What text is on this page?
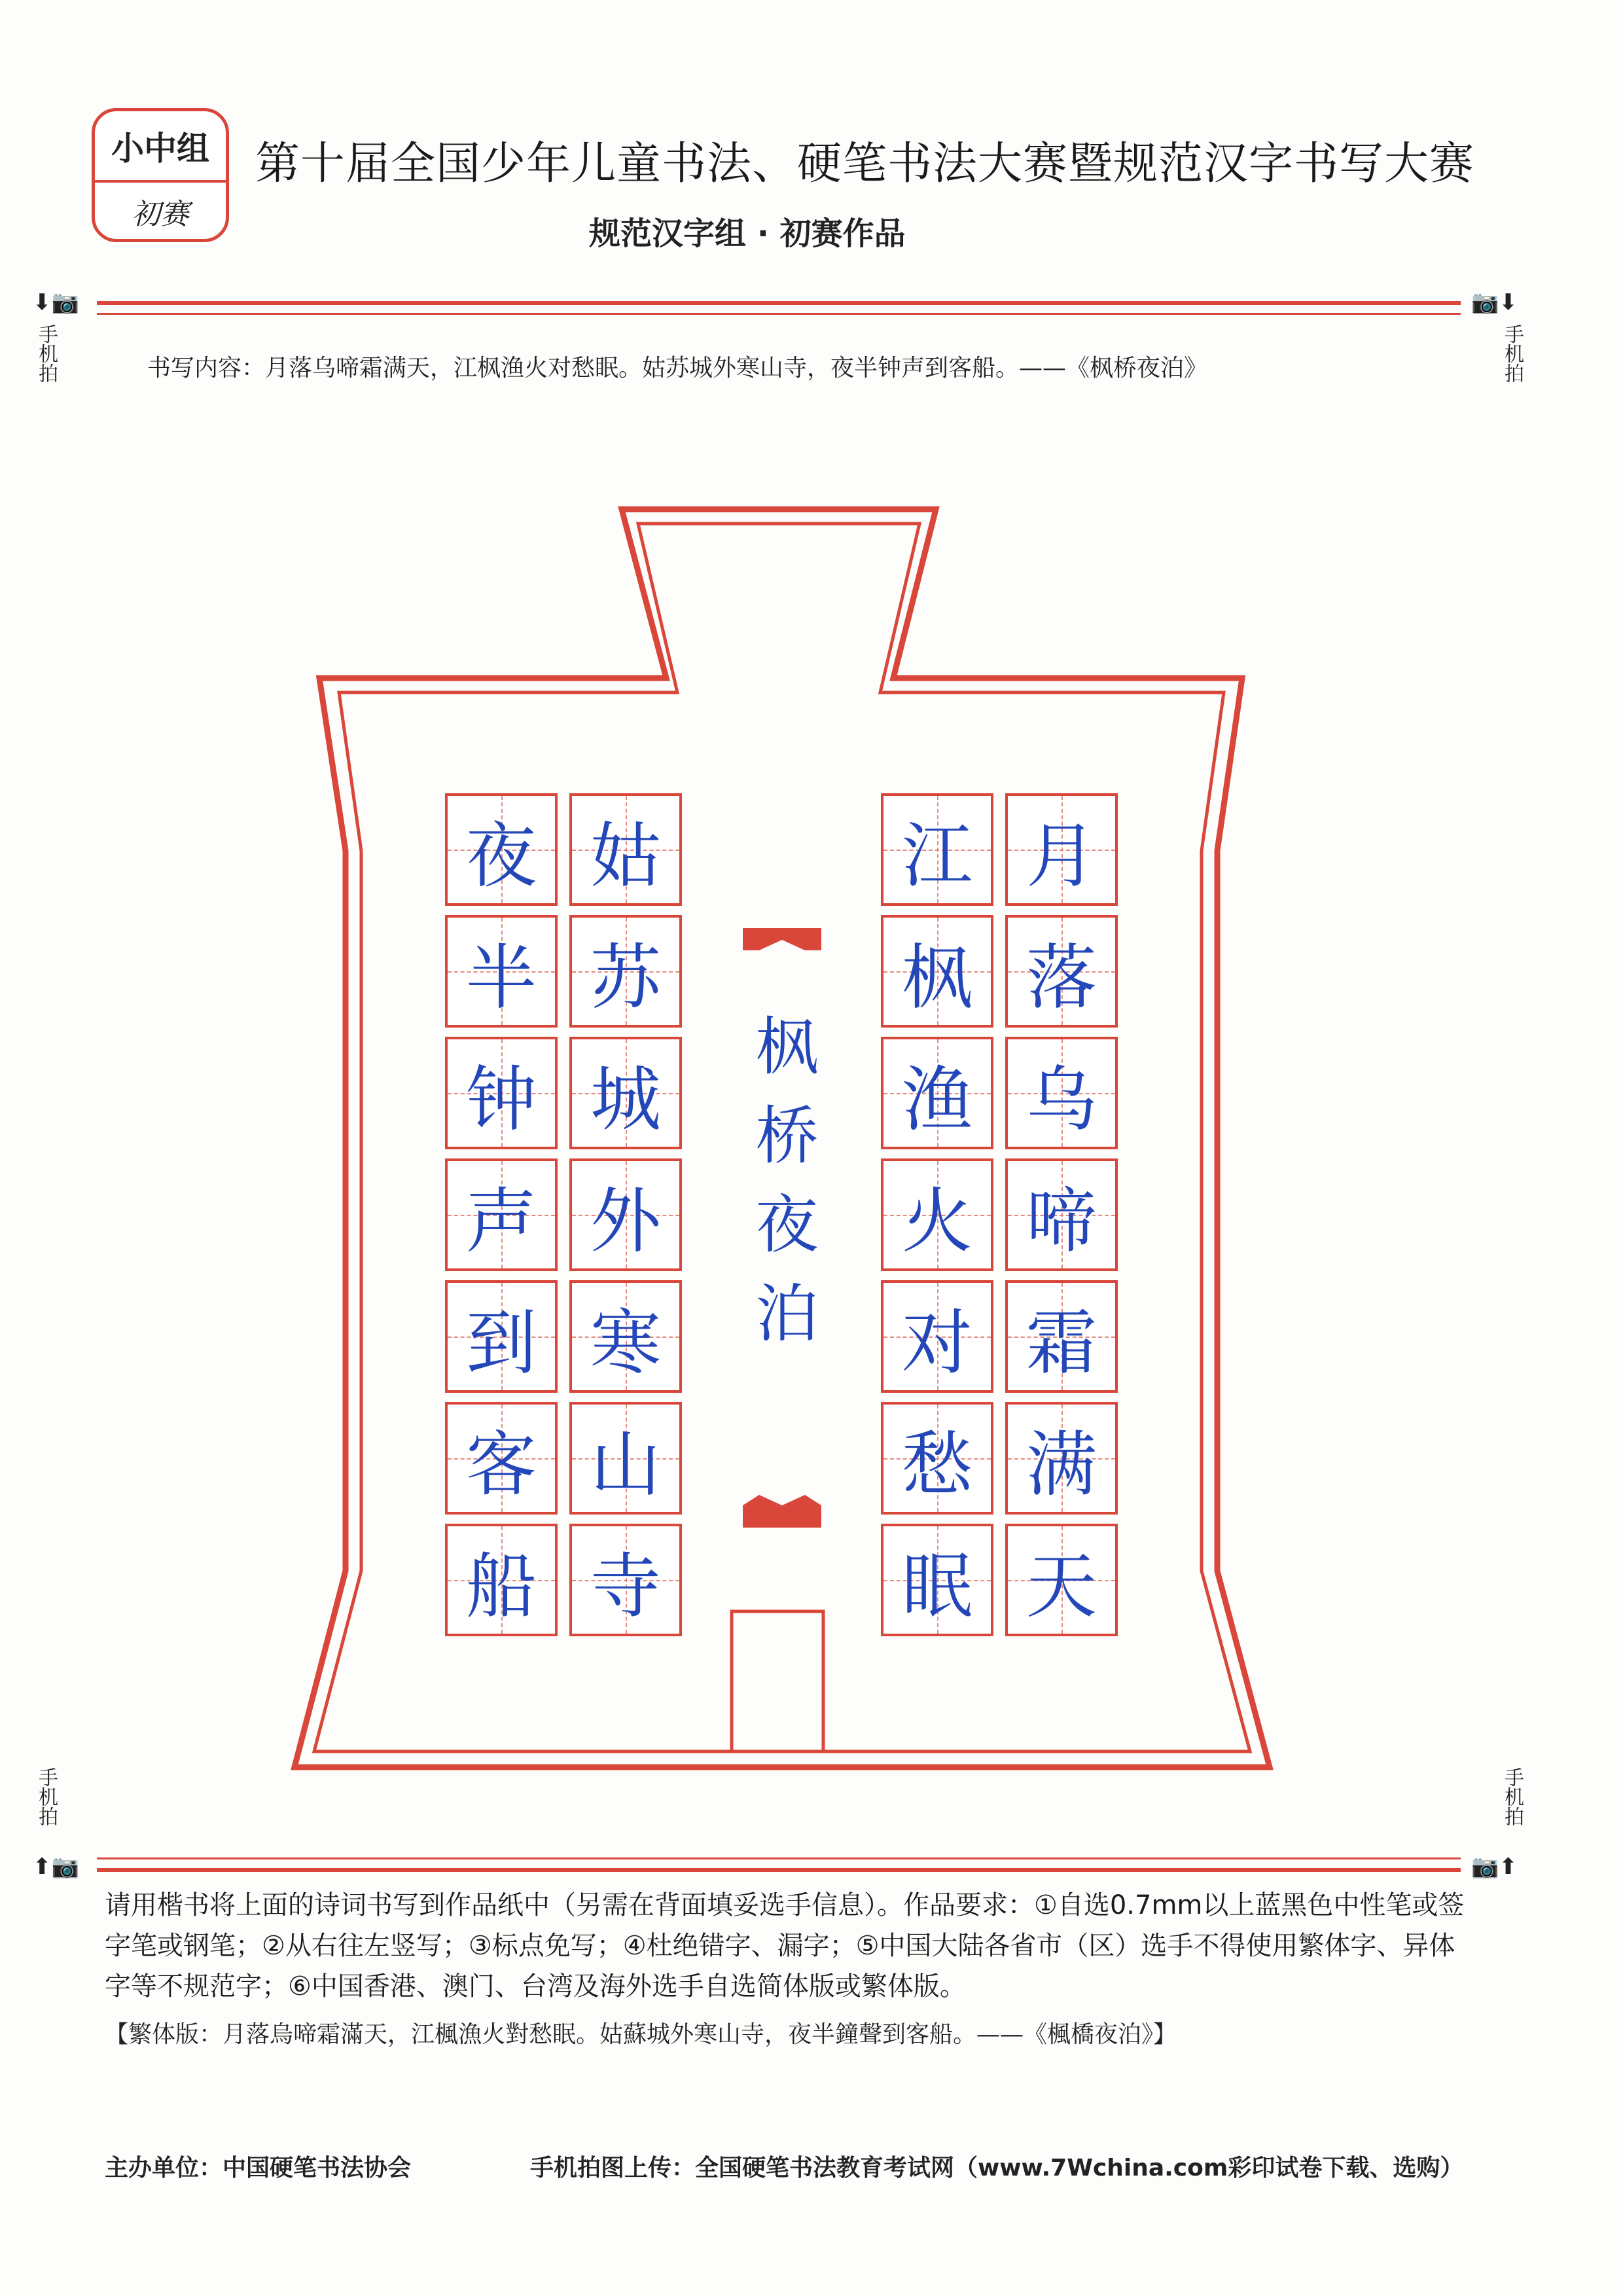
小中组
初赛
第十届全国少年儿童书法、硬笔书法大赛暨规范汉字书写大赛
规范汉字组 · 初赛作品
⬇📷	📷⬇
手机拍	手机拍
书写内容：月落乌啼霜满天，江枫渔火对愁眠。姑苏城外寒山寺，夜半钟声到客船。——《枫桥夜泊》
月
落
乌
啼
霜
满
天
江
枫
渔
火
对
愁
眠
姑
苏
城
外
寒
山
寺
夜
半
钟
声
到
客
船
枫桥夜泊
手机拍	手机拍
⬆📷	📷⬆
请用楷书将上面的诗词书写到作品纸中（另需在背面填妥选手信息）。作品要求：①自选0.7mm以上蓝黑色中性笔或签字笔或钢笔；②从右往左竖写；③标点免写；④杜绝错字、漏字；⑤中国大陆各省市（区）选手不得使用繁体字、异体字等不规范字；⑥中国香港、澳门、台湾及海外选手自选简体版或繁体版。
【繁体版：月落烏啼霜滿天，江楓漁火對愁眠。姑蘇城外寒山寺，夜半鐘聲到客船。——《楓橋夜泊》】
主办单位：中国硬笔书法协会	手机拍图上传：全国硬笔书法教育考试网（www.7Wchina.com彩印试卷下载、选购）
